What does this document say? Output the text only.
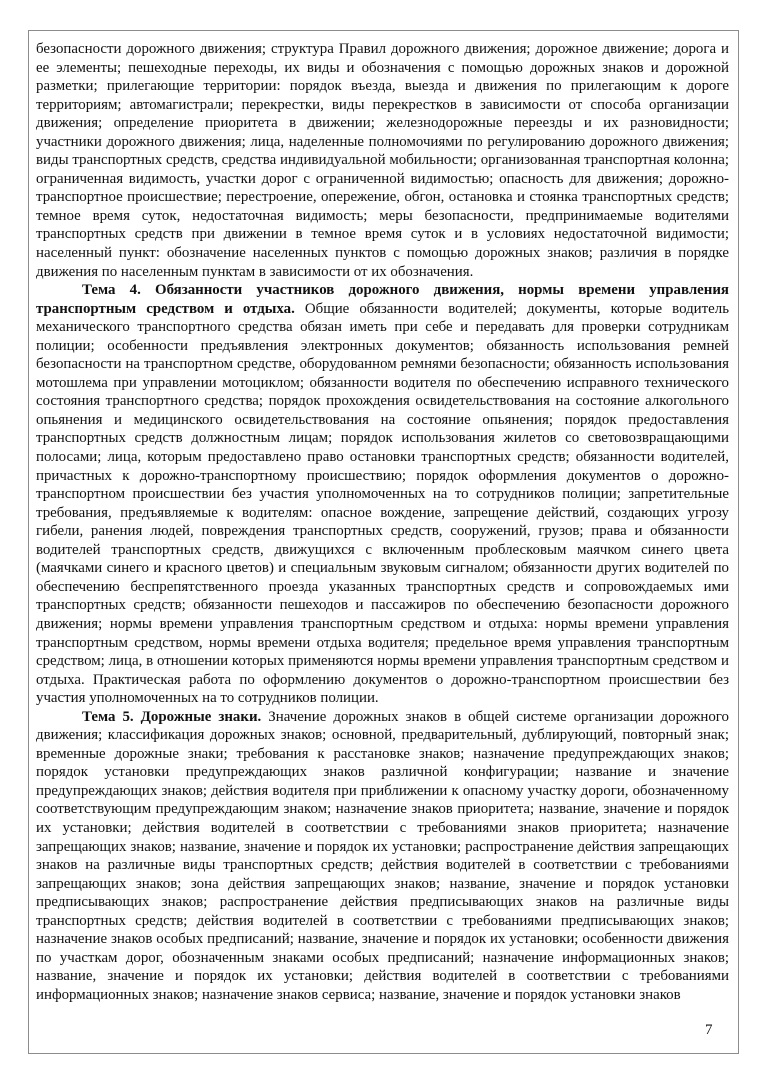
безопасности дорожного движения; структура Правил дорожного движения; дорожное движение; дорога и ее элементы; пешеходные переходы, их виды и обозначения с помощью дорожных знаков и дорожной разметки; прилегающие территории: порядок въезда, выезда и движения по прилегающим к дороге территориям; автомагистрали; перекрестки, виды перекрестков в зависимости от способа организации движения; определение приоритета в движении; железнодорожные переезды и их разновидности; участники дорожного движения; лица, наделенные полномочиями по регулированию дорожного движения; виды транспортных средств, средства индивидуальной мобильности; организованная транспортная колонна; ограниченная видимость, участки дорог с ограниченной видимостью; опасность для движения; дорожно-транспортное происшествие; перестроение, опережение, обгон, остановка и стоянка транспортных средств; темное время суток, недостаточная видимость; меры безопасности, предпринимаемые водителями транспортных средств при движении в темное время суток и в условиях недостаточной видимости; населенный пункт: обозначение населенных пунктов с помощью дорожных знаков; различия в порядке движения по населенным пунктам в зависимости от их обозначения.

Тема 4. Обязанности участников дорожного движения, нормы времени управления транспортным средством и отдыха. Общие обязанности водителей; документы, которые водитель механического транспортного средства обязан иметь при себе и передавать для проверки сотрудникам полиции; особенности предъявления электронных документов; обязанность использования ремней безопасности на транспортном средстве, оборудованном ремнями безопасности; обязанность использования мотошлема при управлении мотоциклом; обязанности водителя по обеспечению исправного технического состояния транспортного средства; порядок прохождения освидетельствования на состояние алкогольного опьянения и медицинского освидетельствования на состояние опьянения; порядок предоставления транспортных средств должностным лицам; порядок использования жилетов со световозвращающими полосами; лица, которым предоставлено право остановки транспортных средств; обязанности водителей, причастных к дорожно-транспортному происшествию; порядок оформления документов о дорожно-транспортном происшествии без участия уполномоченных на то сотрудников полиции; запретительные требования, предъявляемые к водителям: опасное вождение, запрещение действий, создающих угрозу гибели, ранения людей, повреждения транспортных средств, сооружений, грузов; права и обязанности водителей транспортных средств, движущихся с включенным проблесковым маячком синего цвета (маячками синего и красного цветов) и специальным звуковым сигналом; обязанности других водителей по обеспечению беспрепятственного проезда указанных транспортных средств и сопровождаемых ими транспортных средств; обязанности пешеходов и пассажиров по обеспечению безопасности дорожного движения; нормы времени управления транспортным средством и отдыха: нормы времени управления транспортным средством, нормы времени отдыха водителя; предельное время управления транспортным средством; лица, в отношении которых применяются нормы времени управления транспортным средством и отдыха. Практическая работа по оформлению документов о дорожно-транспортном происшествии без участия уполномоченных на то сотрудников полиции.

Тема 5. Дорожные знаки. Значение дорожных знаков в общей системе организации дорожного движения; классификация дорожных знаков; основной, предварительный, дублирующий, повторный знак; временные дорожные знаки; требования к расстановке знаков; назначение предупреждающих знаков; порядок установки предупреждающих знаков различной конфигурации; название и значение предупреждающих знаков; действия водителя при приближении к опасному участку дороги, обозначенному соответствующим предупреждающим знаком; назначение знаков приоритета; название, значение и порядок их установки; действия водителей в соответствии с требованиями знаков приоритета; назначение запрещающих знаков; название, значение и порядок их установки; распространение действия запрещающих знаков на различные виды транспортных средств; действия водителей в соответствии с требованиями запрещающих знаков; зона действия запрещающих знаков; название, значение и порядок установки предписывающих знаков; распространение действия предписывающих знаков на различные виды транспортных средств; действия водителей в соответствии с требованиями предписывающих знаков; назначение знаков особых предписаний; название, значение и порядок их установки; особенности движения по участкам дорог, обозначенным знаками особых предписаний; назначение информационных знаков; название, значение и порядок их установки; действия водителей в соответствии с требованиями информационных знаков; назначение знаков сервиса; название, значение и порядок установки знаков

7
